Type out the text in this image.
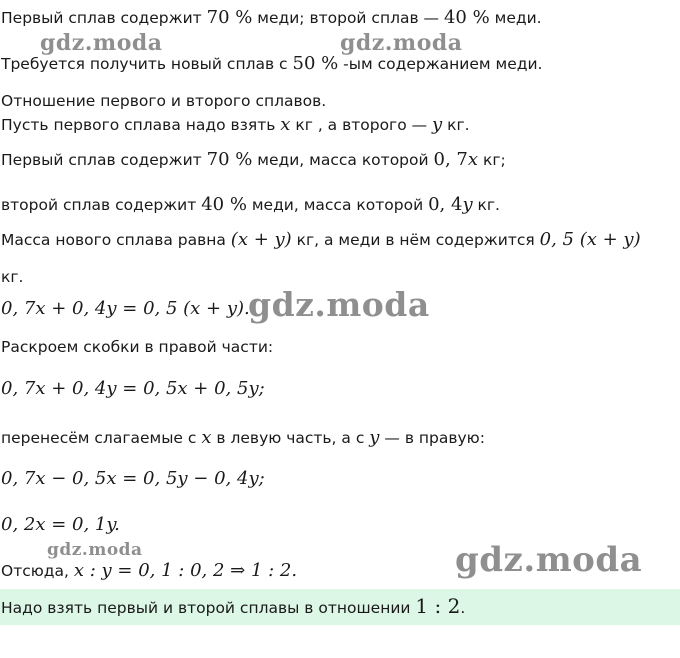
Первый сплав содержит 70 % меди; второй сплав — 40 % меди.
Требуется получить новый сплав с 50 % -ым содержанием меди.
Отношение первого и второго сплавов.
Пусть первого сплава надо взять x кг , а второго — y кг.
Первый сплав содержит 70 % меди, масса которой 0, 7x кг;
второй сплав содержит 40 % меди, масса которой 0, 4y кг.
Масса нового сплава равна (x + y) кг, а меди в нём содержится 0, 5 (x + y)
кг.
0, 7x + 0, 4y = 0, 5 (x + y).
Раскроем скобки в правой части:
0, 7x + 0, 4y = 0, 5x + 0, 5y;
перенесём слагаемые с x в левую часть, а с y — в правую:
0, 7x − 0, 5x = 0, 5y − 0, 4y;
0, 2x = 0, 1y.
Отсюда, x : y = 0, 1 : 0, 2 ⇒ 1 : 2.
Надо взять первый и второй сплавы в отношении 1 : 2.
gdz.moda	gdz.moda
gdz.moda
gdz.moda	gdz.moda
